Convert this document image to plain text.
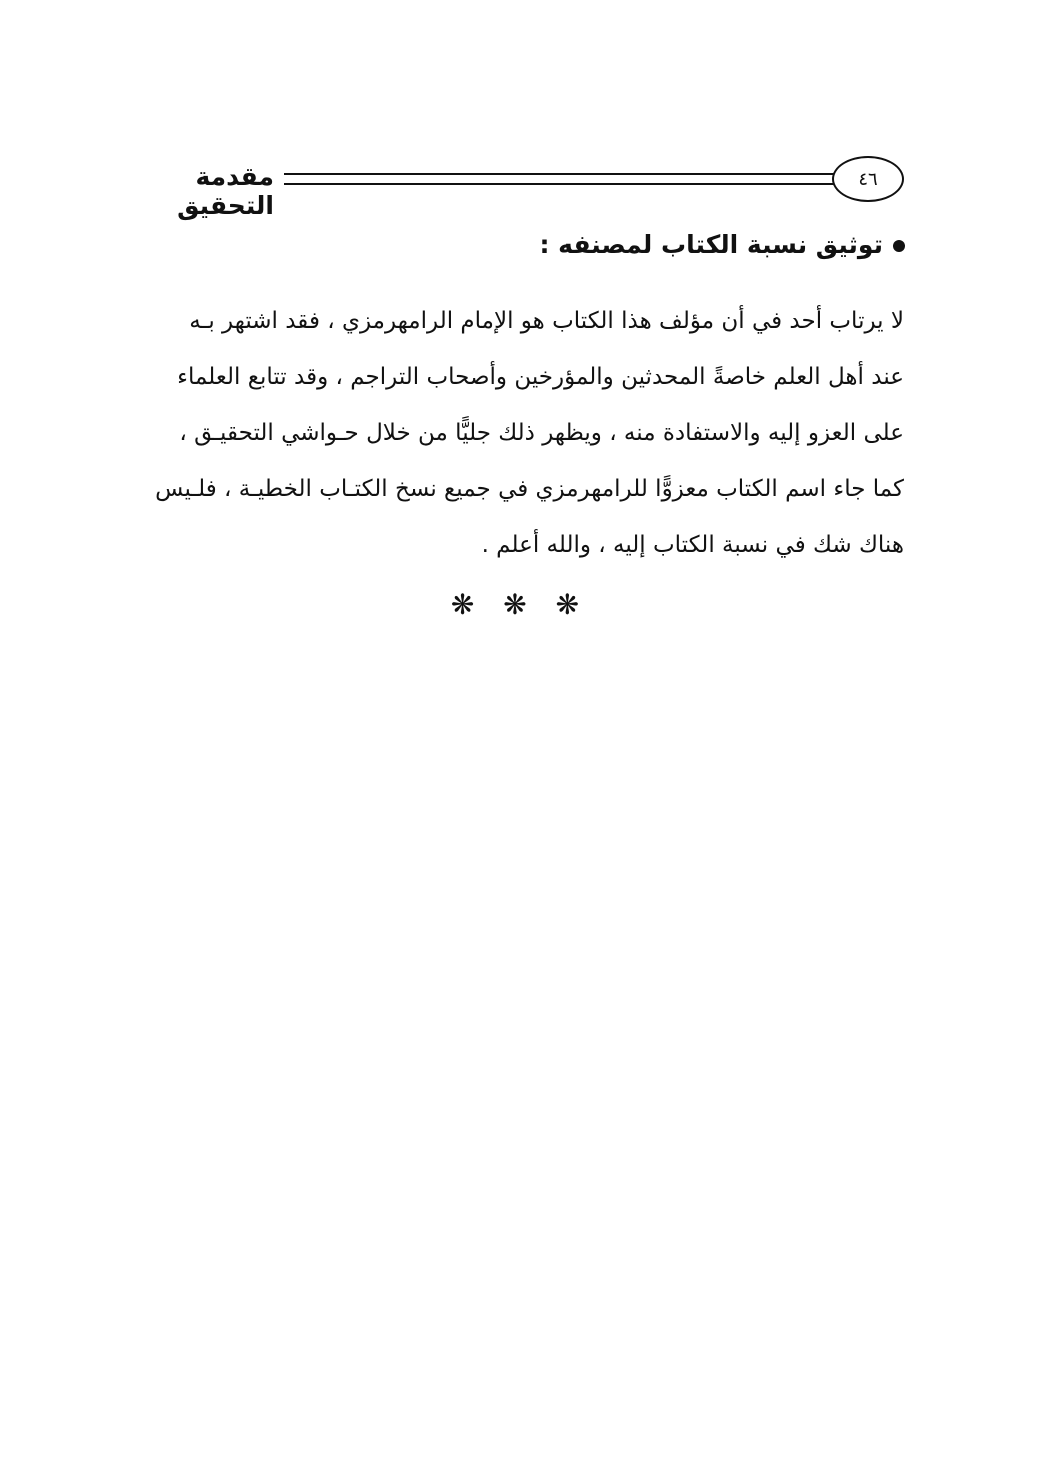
٤٦
مقدمة التحقيق
توثيق نسبة الكتاب لمصنفه :
لا يرتاب أحد في أن مؤلف هذا الكتاب هو الإمام الرامهرمزي ، فقد اشتهر بـه
عند أهل العلم خاصةً المحدثين والمؤرخين وأصحاب التراجم ، وقد تتابع العلماء
على العزو إليه والاستفادة منه ، ويظهر ذلك جليًّا من خلال حـواشي التحقيـق ،
كما جاء اسم الكتاب معزوًّا للرامهرمزي في جميع نسخ الكتـاب الخطيـة ، فلـيس
هناك شك في نسبة الكتاب إليه ، والله أعلم .
❋ ❋ ❋
